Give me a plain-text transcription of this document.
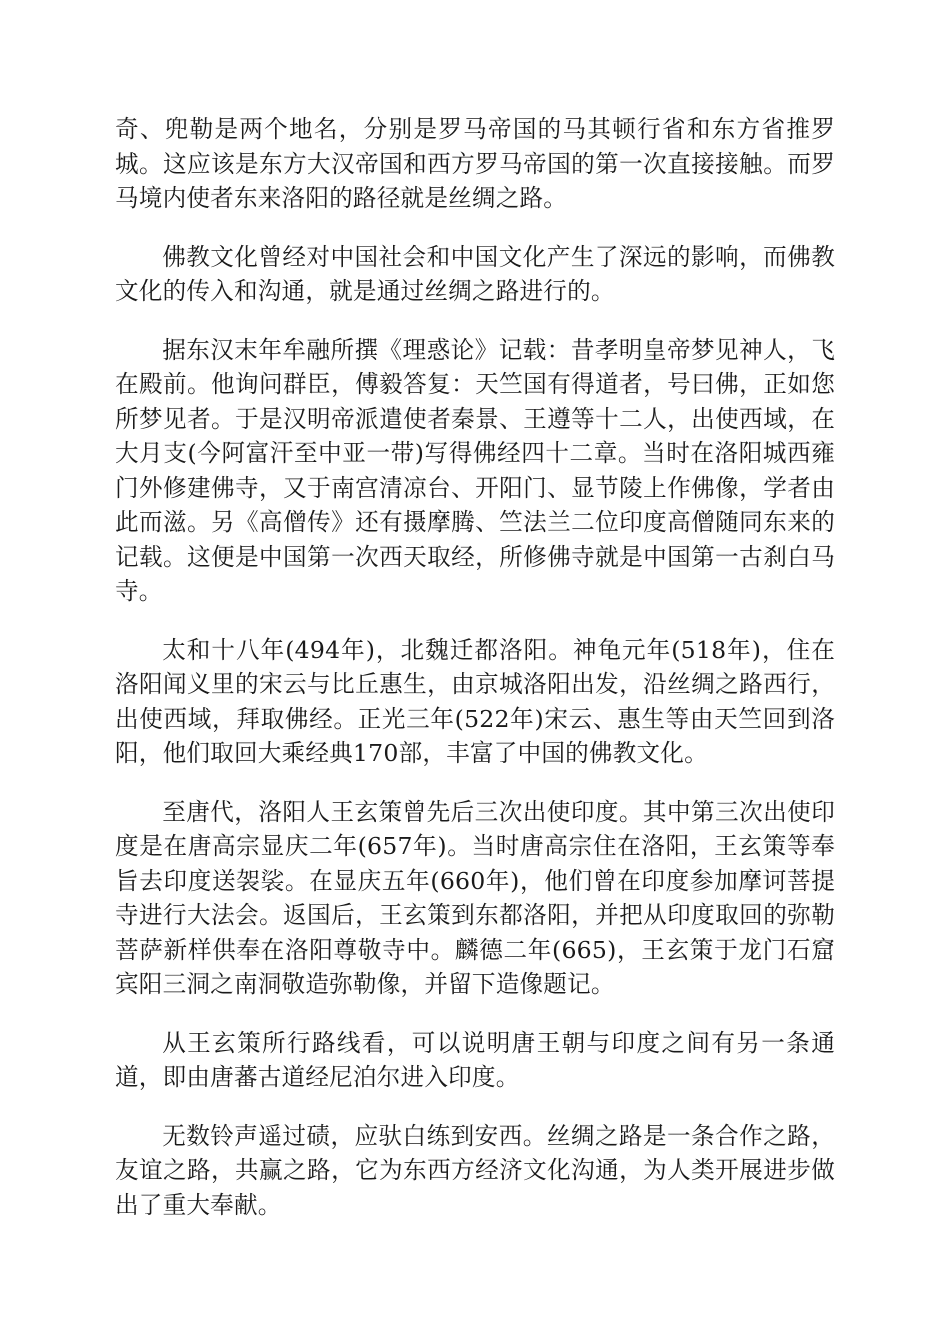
奇、兜勒是两个地名，分别是罗马帝国的马其顿行省和东方省推罗城。这应该是东方大汉帝国和西方罗马帝国的第一次直接接触。而罗马境内使者东来洛阳的路径就是丝绸之路。

佛教文化曾经对中国社会和中国文化产生了深远的影响，而佛教文化的传入和沟通，就是通过丝绸之路进行的。

据东汉末年牟融所撰《理惑论》记载：昔孝明皇帝梦见神人，飞在殿前。他询问群臣，傅毅答复：天竺国有得道者，号曰佛，正如您所梦见者。于是汉明帝派遣使者秦景、王遵等十二人，出使西域，在大月支(今阿富汗至中亚一带)写得佛经四十二章。当时在洛阳城西雍门外修建佛寺，又于南宫清凉台、开阳门、显节陵上作佛像，学者由此而滋。另《高僧传》还有摄摩腾、竺法兰二位印度高僧随同东来的记载。这便是中国第一次西天取经，所修佛寺就是中国第一古刹白马寺。

太和十八年(494年)，北魏迁都洛阳。神龟元年(518年)，住在洛阳闻义里的宋云与比丘惠生，由京城洛阳出发，沿丝绸之路西行，出使西域，拜取佛经。正光三年(522年)宋云、惠生等由天竺回到洛阳，他们取回大乘经典170部，丰富了中国的佛教文化。

至唐代，洛阳人王玄策曾先后三次出使印度。其中第三次出使印度是在唐高宗显庆二年(657年)。当时唐高宗住在洛阳，王玄策等奉旨去印度送袈裟。在显庆五年(660年)，他们曾在印度参加摩诃菩提寺进行大法会。返国后，王玄策到东都洛阳，并把从印度取回的弥勒菩萨新样供奉在洛阳尊敬寺中。麟德二年(665)，王玄策于龙门石窟宾阳三洞之南洞敬造弥勒像，并留下造像题记。

从王玄策所行路线看，可以说明唐王朝与印度之间有另一条通道，即由唐蕃古道经尼泊尔进入印度。

无数铃声遥过碛，应驮白练到安西。丝绸之路是一条合作之路，友谊之路，共赢之路，它为东西方经济文化沟通，为人类开展进步做出了重大奉献。
